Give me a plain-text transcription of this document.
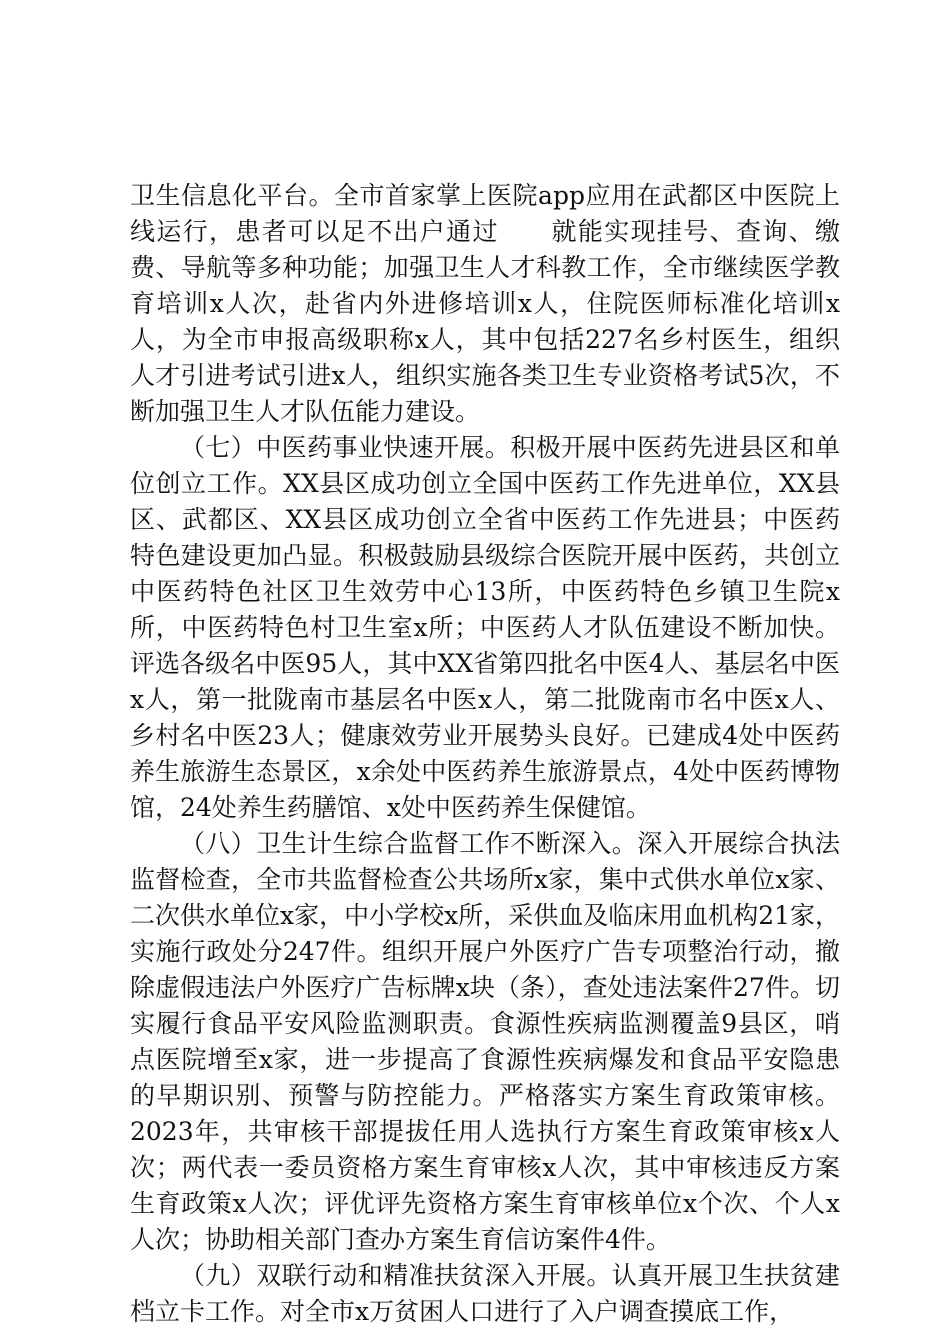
卫生信息化平台。全市首家掌上医院app应用在武都区中医院上线运行，患者可以足不出户通过　　就能实现挂号、查询、缴费、导航等多种功能；加强卫生人才科教工作，全市继续医学教育培训x人次，赴省内外进修培训x人，住院医师标准化培训x人，为全市申报高级职称x人，其中包括227名乡村医生，组织人才引进考试引进x人，组织实施各类卫生专业资格考试5次，不断加强卫生人才队伍能力建设。

（七）中医药事业快速开展。积极开展中医药先进县区和单位创立工作。XX县区成功创立全国中医药工作先进单位，XX县区、武都区、XX县区成功创立全省中医药工作先进县；中医药特色建设更加凸显。积极鼓励县级综合医院开展中医药，共创立中医药特色社区卫生效劳中心13所，中医药特色乡镇卫生院x所，中医药特色村卫生室x所；中医药人才队伍建设不断加快。评选各级名中医95人，其中XX省第四批名中医4人、基层名中医x人，第一批陇南市基层名中医x人，第二批陇南市名中医x人、乡村名中医23人；健康效劳业开展势头良好。已建成4处中医药养生旅游生态景区，x余处中医药养生旅游景点，4处中医药博物馆，24处养生药膳馆、x处中医药养生保健馆。

（八）卫生计生综合监督工作不断深入。深入开展综合执法监督检查，全市共监督检查公共场所x家，集中式供水单位x家、二次供水单位x家，中小学校x所，采供血及临床用血机构21家，实施行政处分247件。组织开展户外医疗广告专项整治行动，撤除虚假违法户外医疗广告标牌x块（条），查处违法案件27件。切实履行食品平安风险监测职责。食源性疾病监测覆盖9县区，哨点医院增至x家，进一步提高了食源性疾病爆发和食品平安隐患的早期识别、预警与防控能力。严格落实方案生育政策审核。2023年，共审核干部提拔任用人选执行方案生育政策审核x人次；两代表一委员资格方案生育审核x人次，其中审核违反方案生育政策x人次；评优评先资格方案生育审核单位x个次、个人x人次；协助相关部门查办方案生育信访案件4件。

（九）双联行动和精准扶贫深入开展。认真开展卫生扶贫建档立卡工作。对全市x万贫困人口进行了入户调查摸底工作，
